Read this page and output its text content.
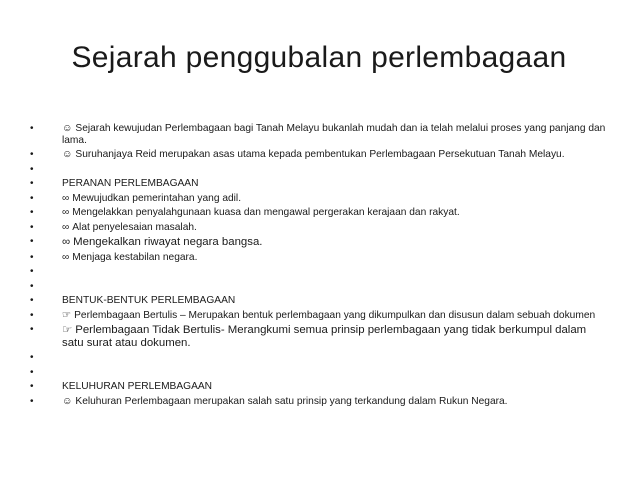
Sejarah penggubalan perlembagaan
•	☺ Sejarah kewujudan Perlembagaan bagi Tanah Melayu bukanlah mudah dan ia telah melalui proses yang panjang dan lama.
•	☺ Suruhanjaya Reid merupakan asas utama kepada pembentukan Perlembagaan Persekutuan Tanah Melayu.
•
•	PERANAN PERLEMBAGAAN
•	∞ Mewujudkan pemerintahan yang adil.
•	∞ Mengelakkan penyalahgunaan kuasa dan mengawal pergerakan kerajaan dan rakyat.
•	∞ Alat penyelesaian masalah.
• ∞ Mengekalkan riwayat negara bangsa.
•	∞ Menjaga kestabilan negara.
•
•
•	BENTUK-BENTUK PERLEMBAGAAN
•	☞ Perlembagaan Bertulis – Merupakan bentuk perlembagaan yang dikumpulkan dan disusun dalam sebuah dokumen
• ☞ Perlembagaan Tidak Bertulis- Merangkumi semua prinsip perlembagaan yang tidak berkumpul dalam satu surat atau dokumen.
•
•
•	KELUHURAN PERLEMBAGAAN
•	☺ Keluhuran Perlembagaan merupakan salah satu prinsip yang terkandung dalam Rukun Negara.
